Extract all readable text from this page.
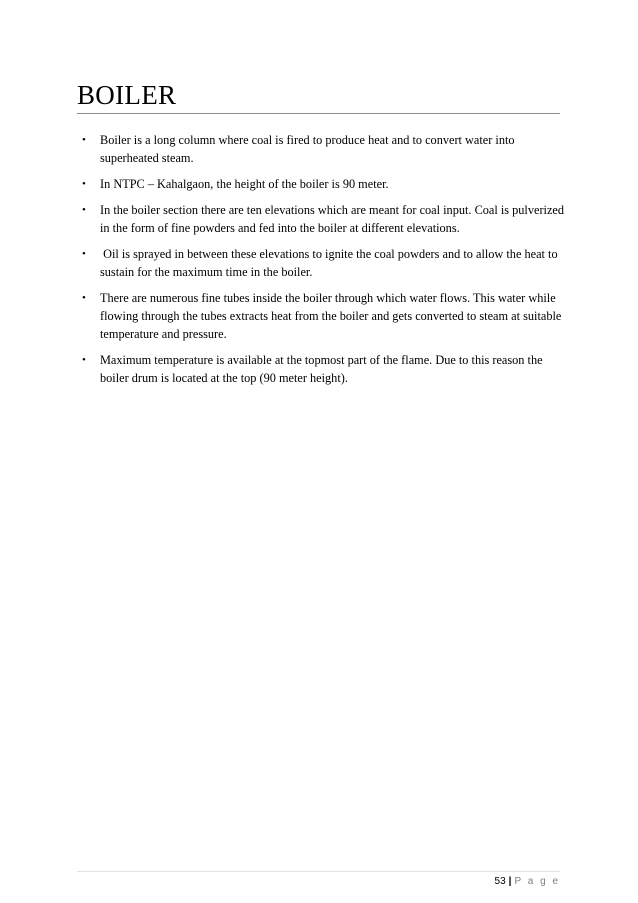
BOILER
• Boiler is a long column where coal is fired to produce heat and to convert water into superheated steam.
• In NTPC – Kahalgaon, the height of the boiler is 90 meter.
• In the boiler section there are ten elevations which are meant for coal input. Coal is pulverized in the form of fine powders and fed into the boiler at different elevations.
• Oil is sprayed in between these elevations to ignite the coal powders and to allow the heat to sustain for the maximum time in the boiler.
• There are numerous fine tubes inside the boiler through which water flows. This water while flowing through the tubes extracts heat from the boiler and gets converted to steam at suitable temperature and pressure.
• Maximum temperature is available at the topmost part of the flame. Due to this reason the boiler drum is located at the top (90 meter height).
53 | P a g e
